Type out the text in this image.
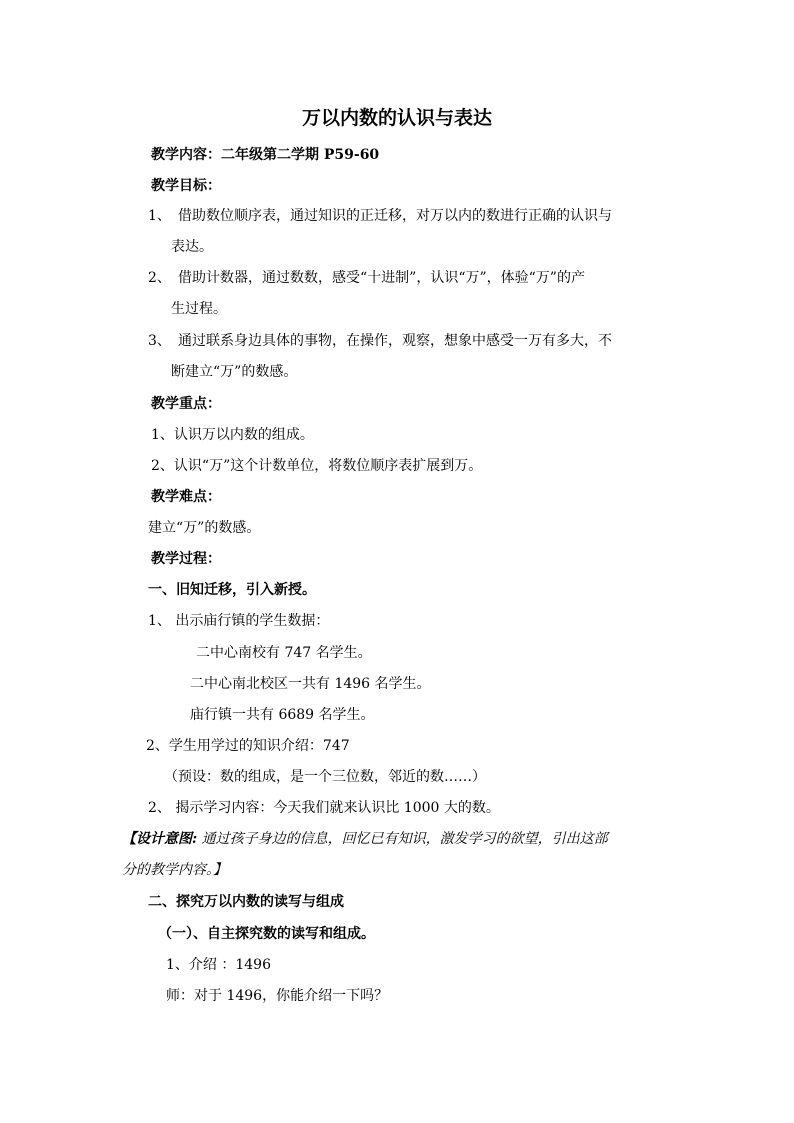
万以内数的认识与表达
教学内容：二年级第二学期 P59-60
教学目标：
1、 借助数位顺序表，通过知识的正迁移，对万以内的数进行正确的认识与
表达。
2、 借助计数器，通过数数，感受“十进制”，认识“万”，体验“万”的产
生过程。
3、 通过联系身边具体的事物，在操作，观察，想象中感受一万有多大，不
断建立“万”的数感。
教学重点：
1、认识万以内数的组成。
2、认识“万”这个计数单位，将数位顺序表扩展到万。
教学难点：
建立“万”的数感。
教学过程：
一、旧知迁移，引入新授。
1、 出示庙行镇的学生数据：
二中心南校有 747 名学生。
二中心南北校区一共有 1496 名学生。
庙行镇一共有 6689 名学生。
2、学生用学过的知识介绍：747
（预设：数的组成，是一个三位数，邻近的数……）
2、 揭示学习内容：今天我们就来认识比 1000 大的数。
【设计意图: 通过孩子身边的信息，回忆已有知识，激发学习的欲望，引出这部
分的教学内容。】
二、探究万以内数的读写与组成
（一）、自主探究数的读写和组成。
1、介绍 ：1496
师：对于 1496，你能介绍一下吗？
